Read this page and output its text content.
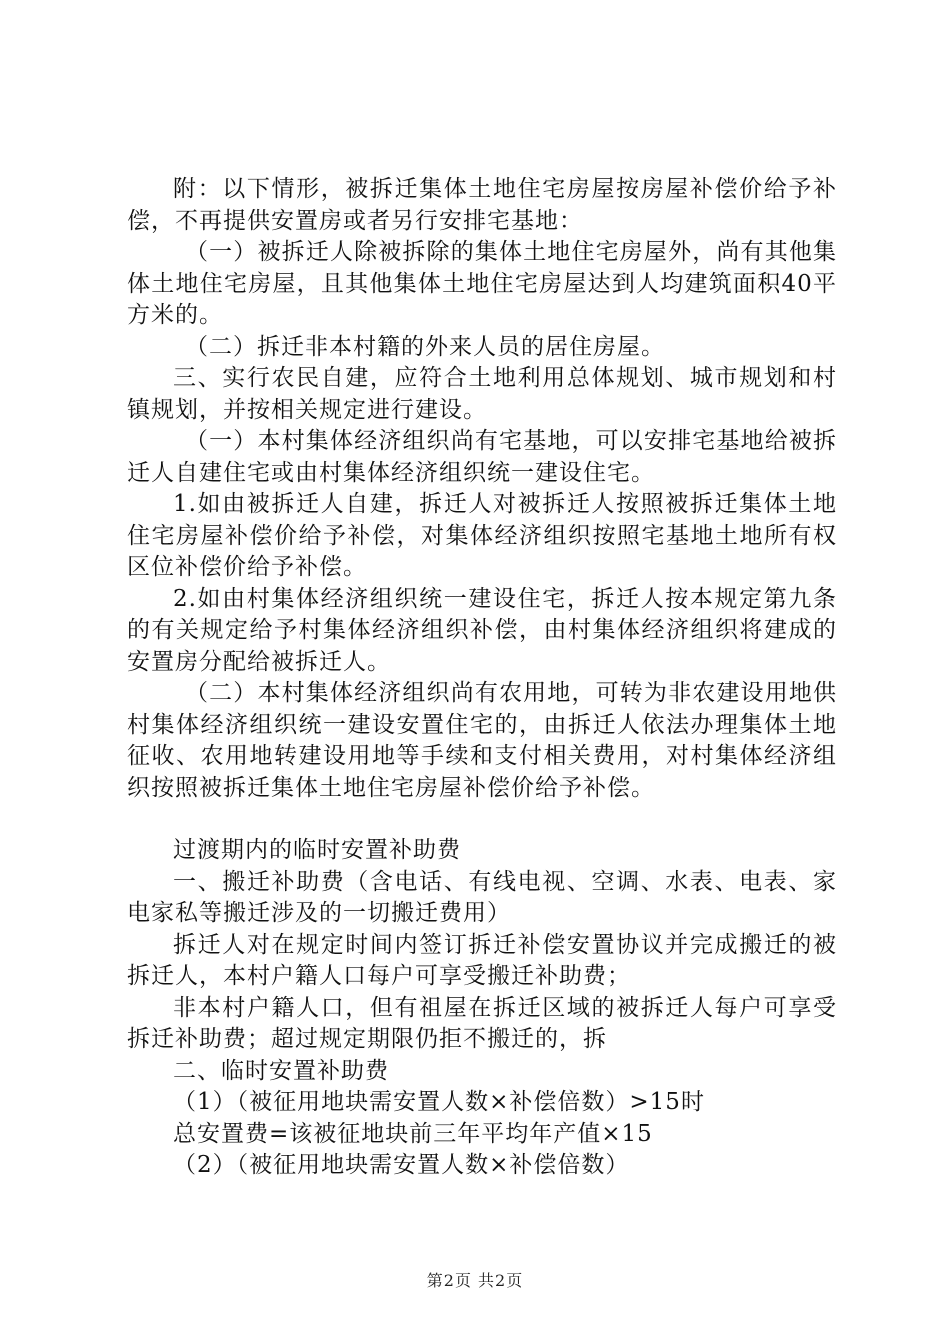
附：以下情形，被拆迁集体土地住宅房屋按房屋补偿价给予补偿，不再提供安置房或者另行安排宅基地：

（一）被拆迁人除被拆除的集体土地住宅房屋外，尚有其他集体土地住宅房屋，且其他集体土地住宅房屋达到人均建筑面积40平方米的。

（二）拆迁非本村籍的外来人员的居住房屋。

三、实行农民自建，应符合土地利用总体规划、城市规划和村镇规划，并按相关规定进行建设。

（一）本村集体经济组织尚有宅基地，可以安排宅基地给被拆迁人自建住宅或由村集体经济组织统一建设住宅。

1.如由被拆迁人自建，拆迁人对被拆迁人按照被拆迁集体土地住宅房屋补偿价给予补偿，对集体经济组织按照宅基地土地所有权区位补偿价给予补偿。

2.如由村集体经济组织统一建设住宅，拆迁人按本规定第九条的有关规定给予村集体经济组织补偿，由村集体经济组织将建成的安置房分配给被拆迁人。

（二）本村集体经济组织尚有农用地，可转为非农建设用地供村集体经济组织统一建设安置住宅的，由拆迁人依法办理集体土地征收、农用地转建设用地等手续和支付相关费用，对村集体经济组织按照被拆迁集体土地住宅房屋补偿价给予补偿。

过渡期内的临时安置补助费

一、搬迁补助费（含电话、有线电视、空调、水表、电表、家电家私等搬迁涉及的一切搬迁费用）

拆迁人对在规定时间内签订拆迁补偿安置协议并完成搬迁的被拆迁人，本村户籍人口每户可享受搬迁补助费；

非本村户籍人口，但有祖屋在拆迁区域的被拆迁人每户可享受拆迁补助费；超过规定期限仍拒不搬迁的，拆

二、临时安置补助费

（1）（被征用地块需安置人数×补偿倍数）>15时

总安置费=该被征地块前三年平均年产值×15

（2）（被征用地块需安置人数×补偿倍数）

第2页 共2页
